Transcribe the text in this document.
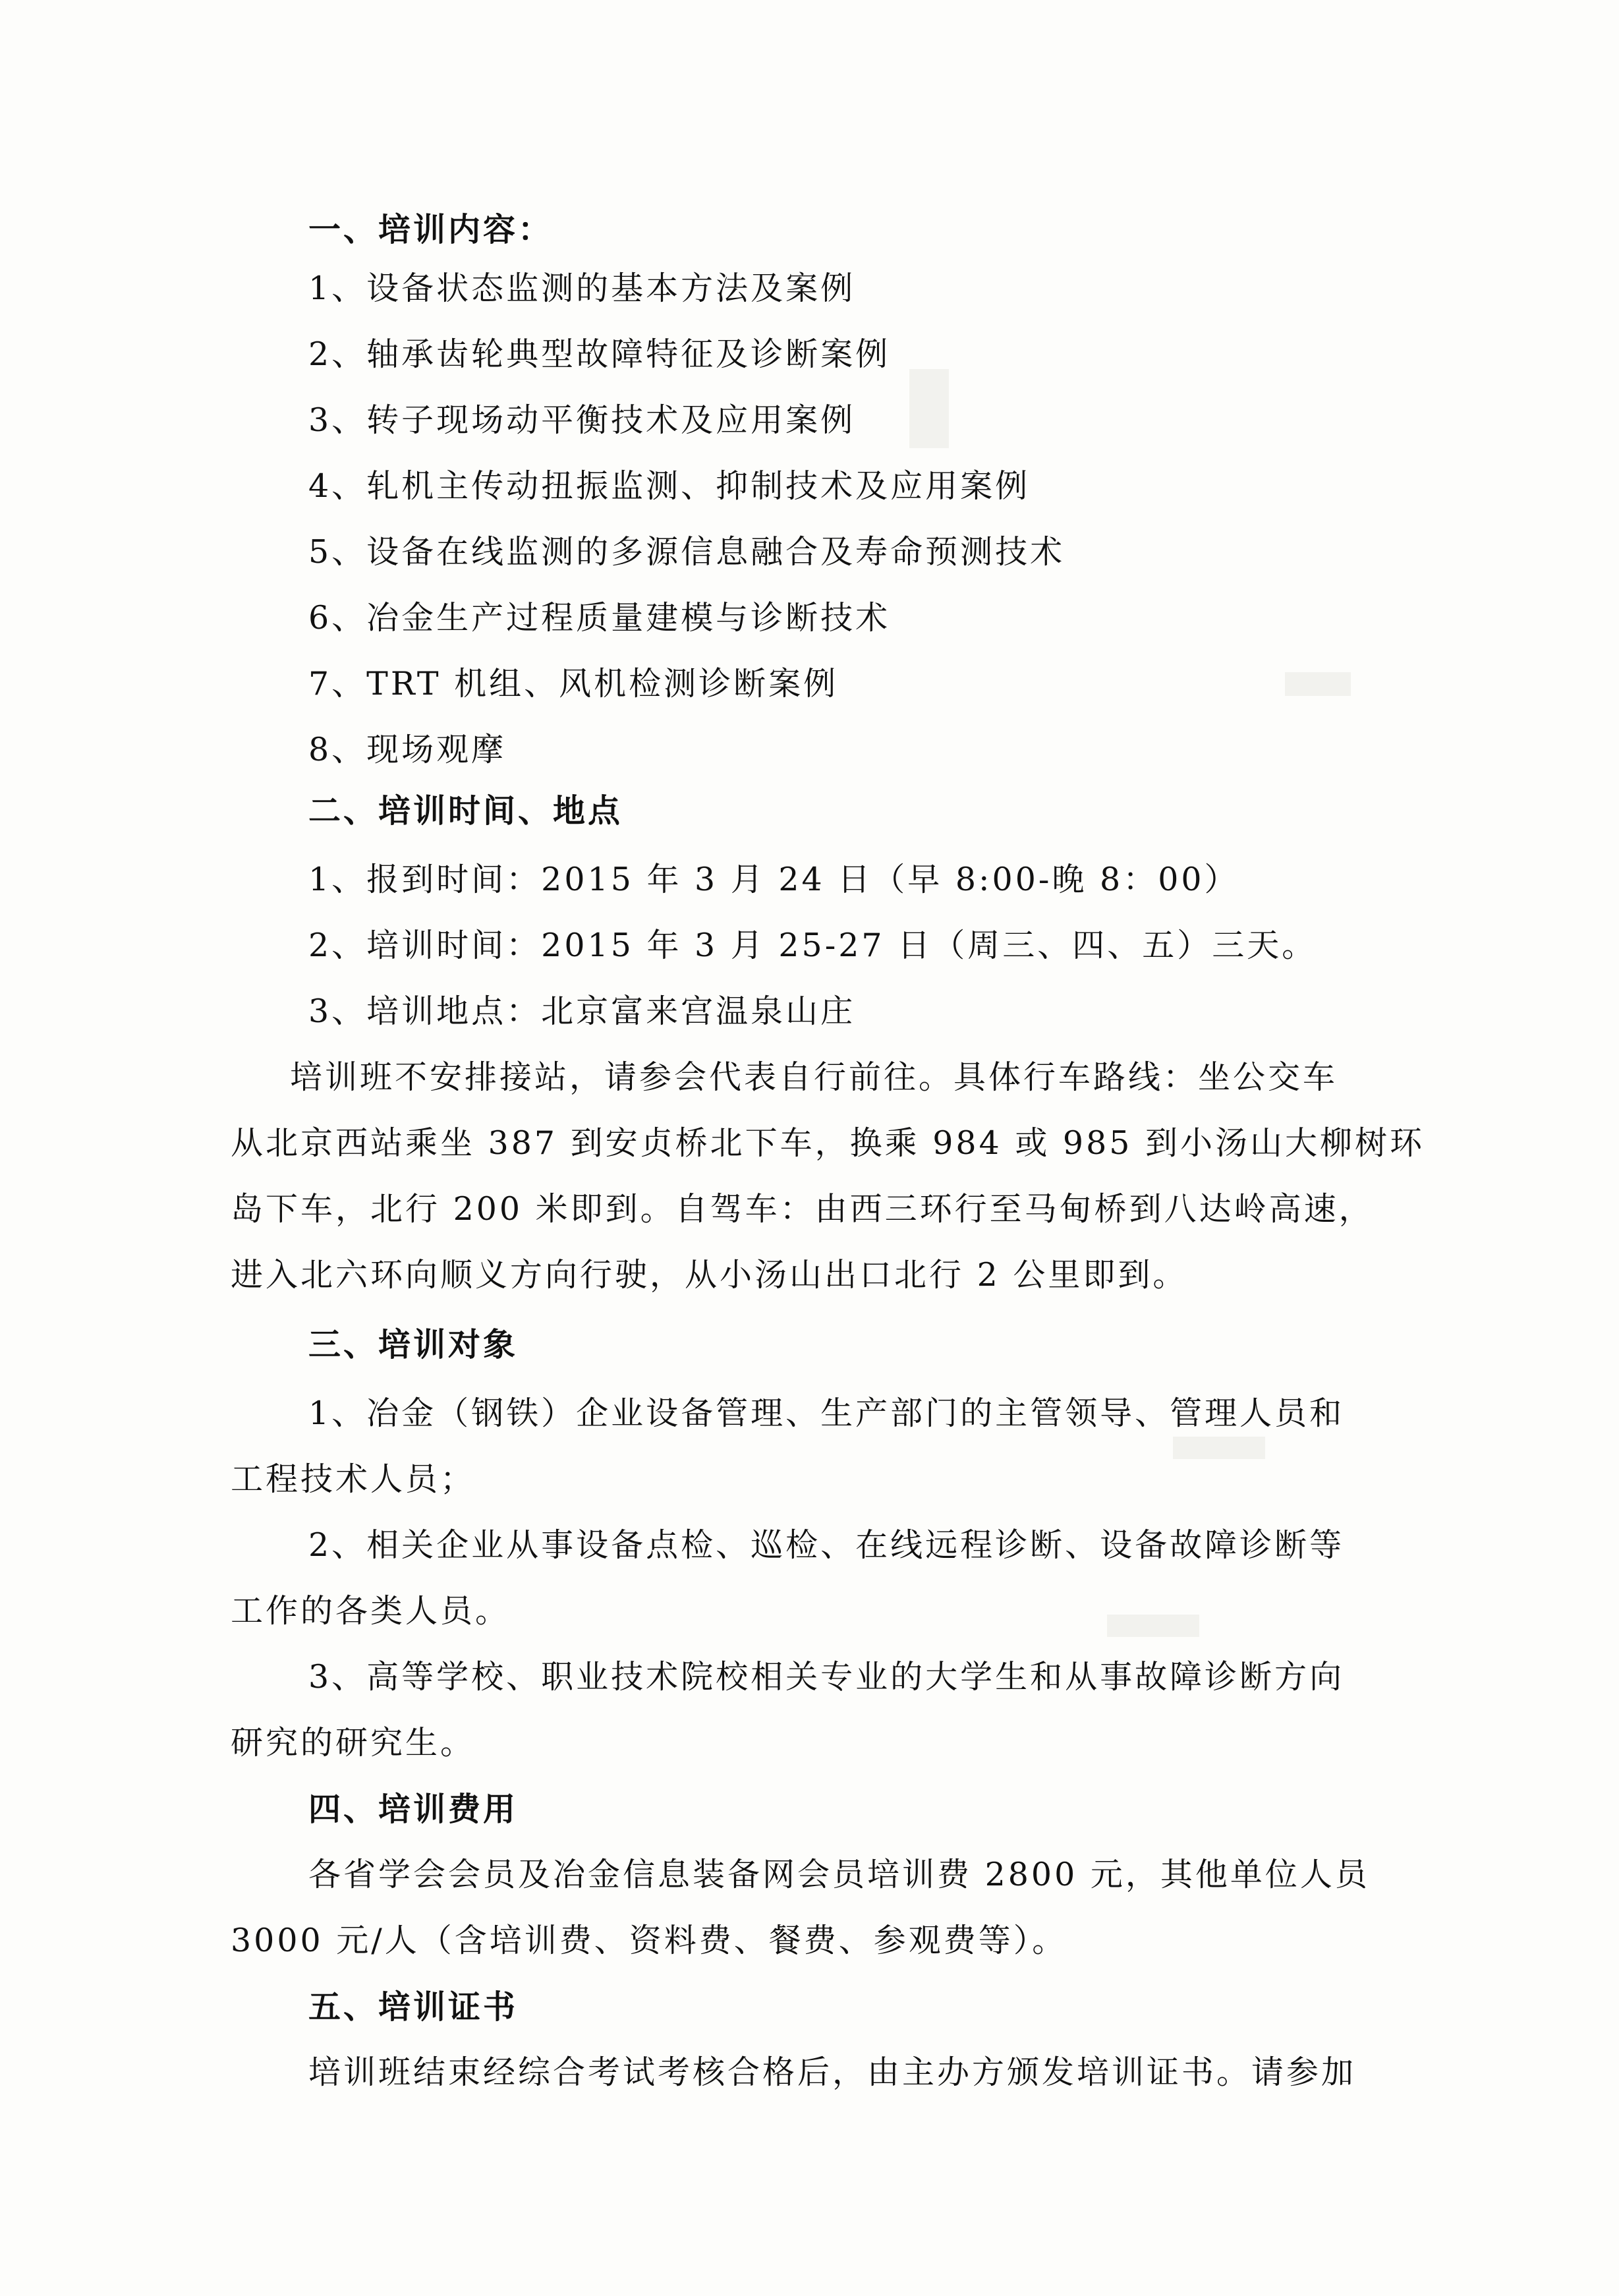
一、培训内容：
1、设备状态监测的基本方法及案例
2、轴承齿轮典型故障特征及诊断案例
3、转子现场动平衡技术及应用案例
4、轧机主传动扭振监测、抑制技术及应用案例
5、设备在线监测的多源信息融合及寿命预测技术
6、冶金生产过程质量建模与诊断技术
7、TRT 机组、风机检测诊断案例
8、现场观摩
二、培训时间、地点
1、报到时间：2015 年 3 月 24 日（早 8:00-晚 8：00）
2、培训时间：2015 年 3 月 25-27 日（周三、四、五）三天。
3、培训地点：北京富来宫温泉山庄
培训班不安排接站，请参会代表自行前往。具体行车路线：坐公交车
从北京西站乘坐 387 到安贞桥北下车，换乘 984 或 985 到小汤山大柳树环
岛下车，北行 200 米即到。自驾车：由西三环行至马甸桥到八达岭高速，
进入北六环向顺义方向行驶，从小汤山出口北行 2 公里即到。
三、培训对象
1、冶金（钢铁）企业设备管理、生产部门的主管领导、管理人员和
工程技术人员；
2、相关企业从事设备点检、巡检、在线远程诊断、设备故障诊断等
工作的各类人员。
3、高等学校、职业技术院校相关专业的大学生和从事故障诊断方向
研究的研究生。
四、培训费用
各省学会会员及冶金信息装备网会员培训费 2800 元，其他单位人员
3000 元/人（含培训费、资料费、餐费、参观费等）。
五、培训证书
培训班结束经综合考试考核合格后，由主办方颁发培训证书。请参加
